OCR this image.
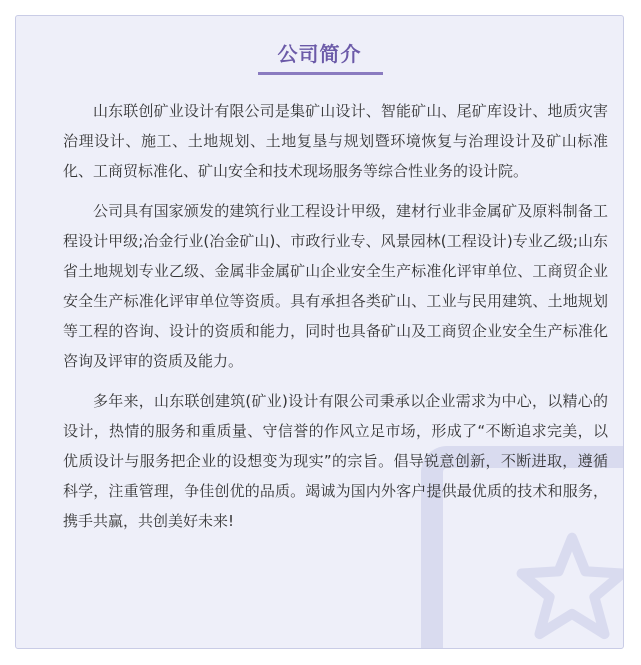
公司简介

山东联创矿业设计有限公司是集矿山设计、智能矿山、尾矿库设计、地质灾害治理设计、施工、土地规划、土地复垦与规划暨环境恢复与治理设计及矿山标准化、工商贸标准化、矿山安全和技术现场服务等综合性业务的设计院。

公司具有国家颁发的建筑行业工程设计甲级，建材行业非金属矿及原料制备工程设计甲级;冶金行业(冶金矿山)、市政行业专、风景园林(工程设计)专业乙级;山东省土地规划专业乙级、金属非金属矿山企业安全生产标准化评审单位、工商贸企业安全生产标准化评审单位等资质。具有承担各类矿山、工业与民用建筑、土地规划等工程的咨询、设计的资质和能力，同时也具备矿山及工商贸企业安全生产标准化咨询及评审的资质及能力。

多年来，山东联创建筑(矿业)设计有限公司秉承以企业需求为中心，以精心的设计，热情的服务和重质量、守信誉的作风立足市场，形成了“不断追求完美，以优质设计与服务把企业的设想变为现实”的宗旨。倡导锐意创新，不断进取，遵循科学，注重管理，争佳创优的品质。竭诚为国内外客户提供最优质的技术和服务，携手共赢，共创美好未来!
